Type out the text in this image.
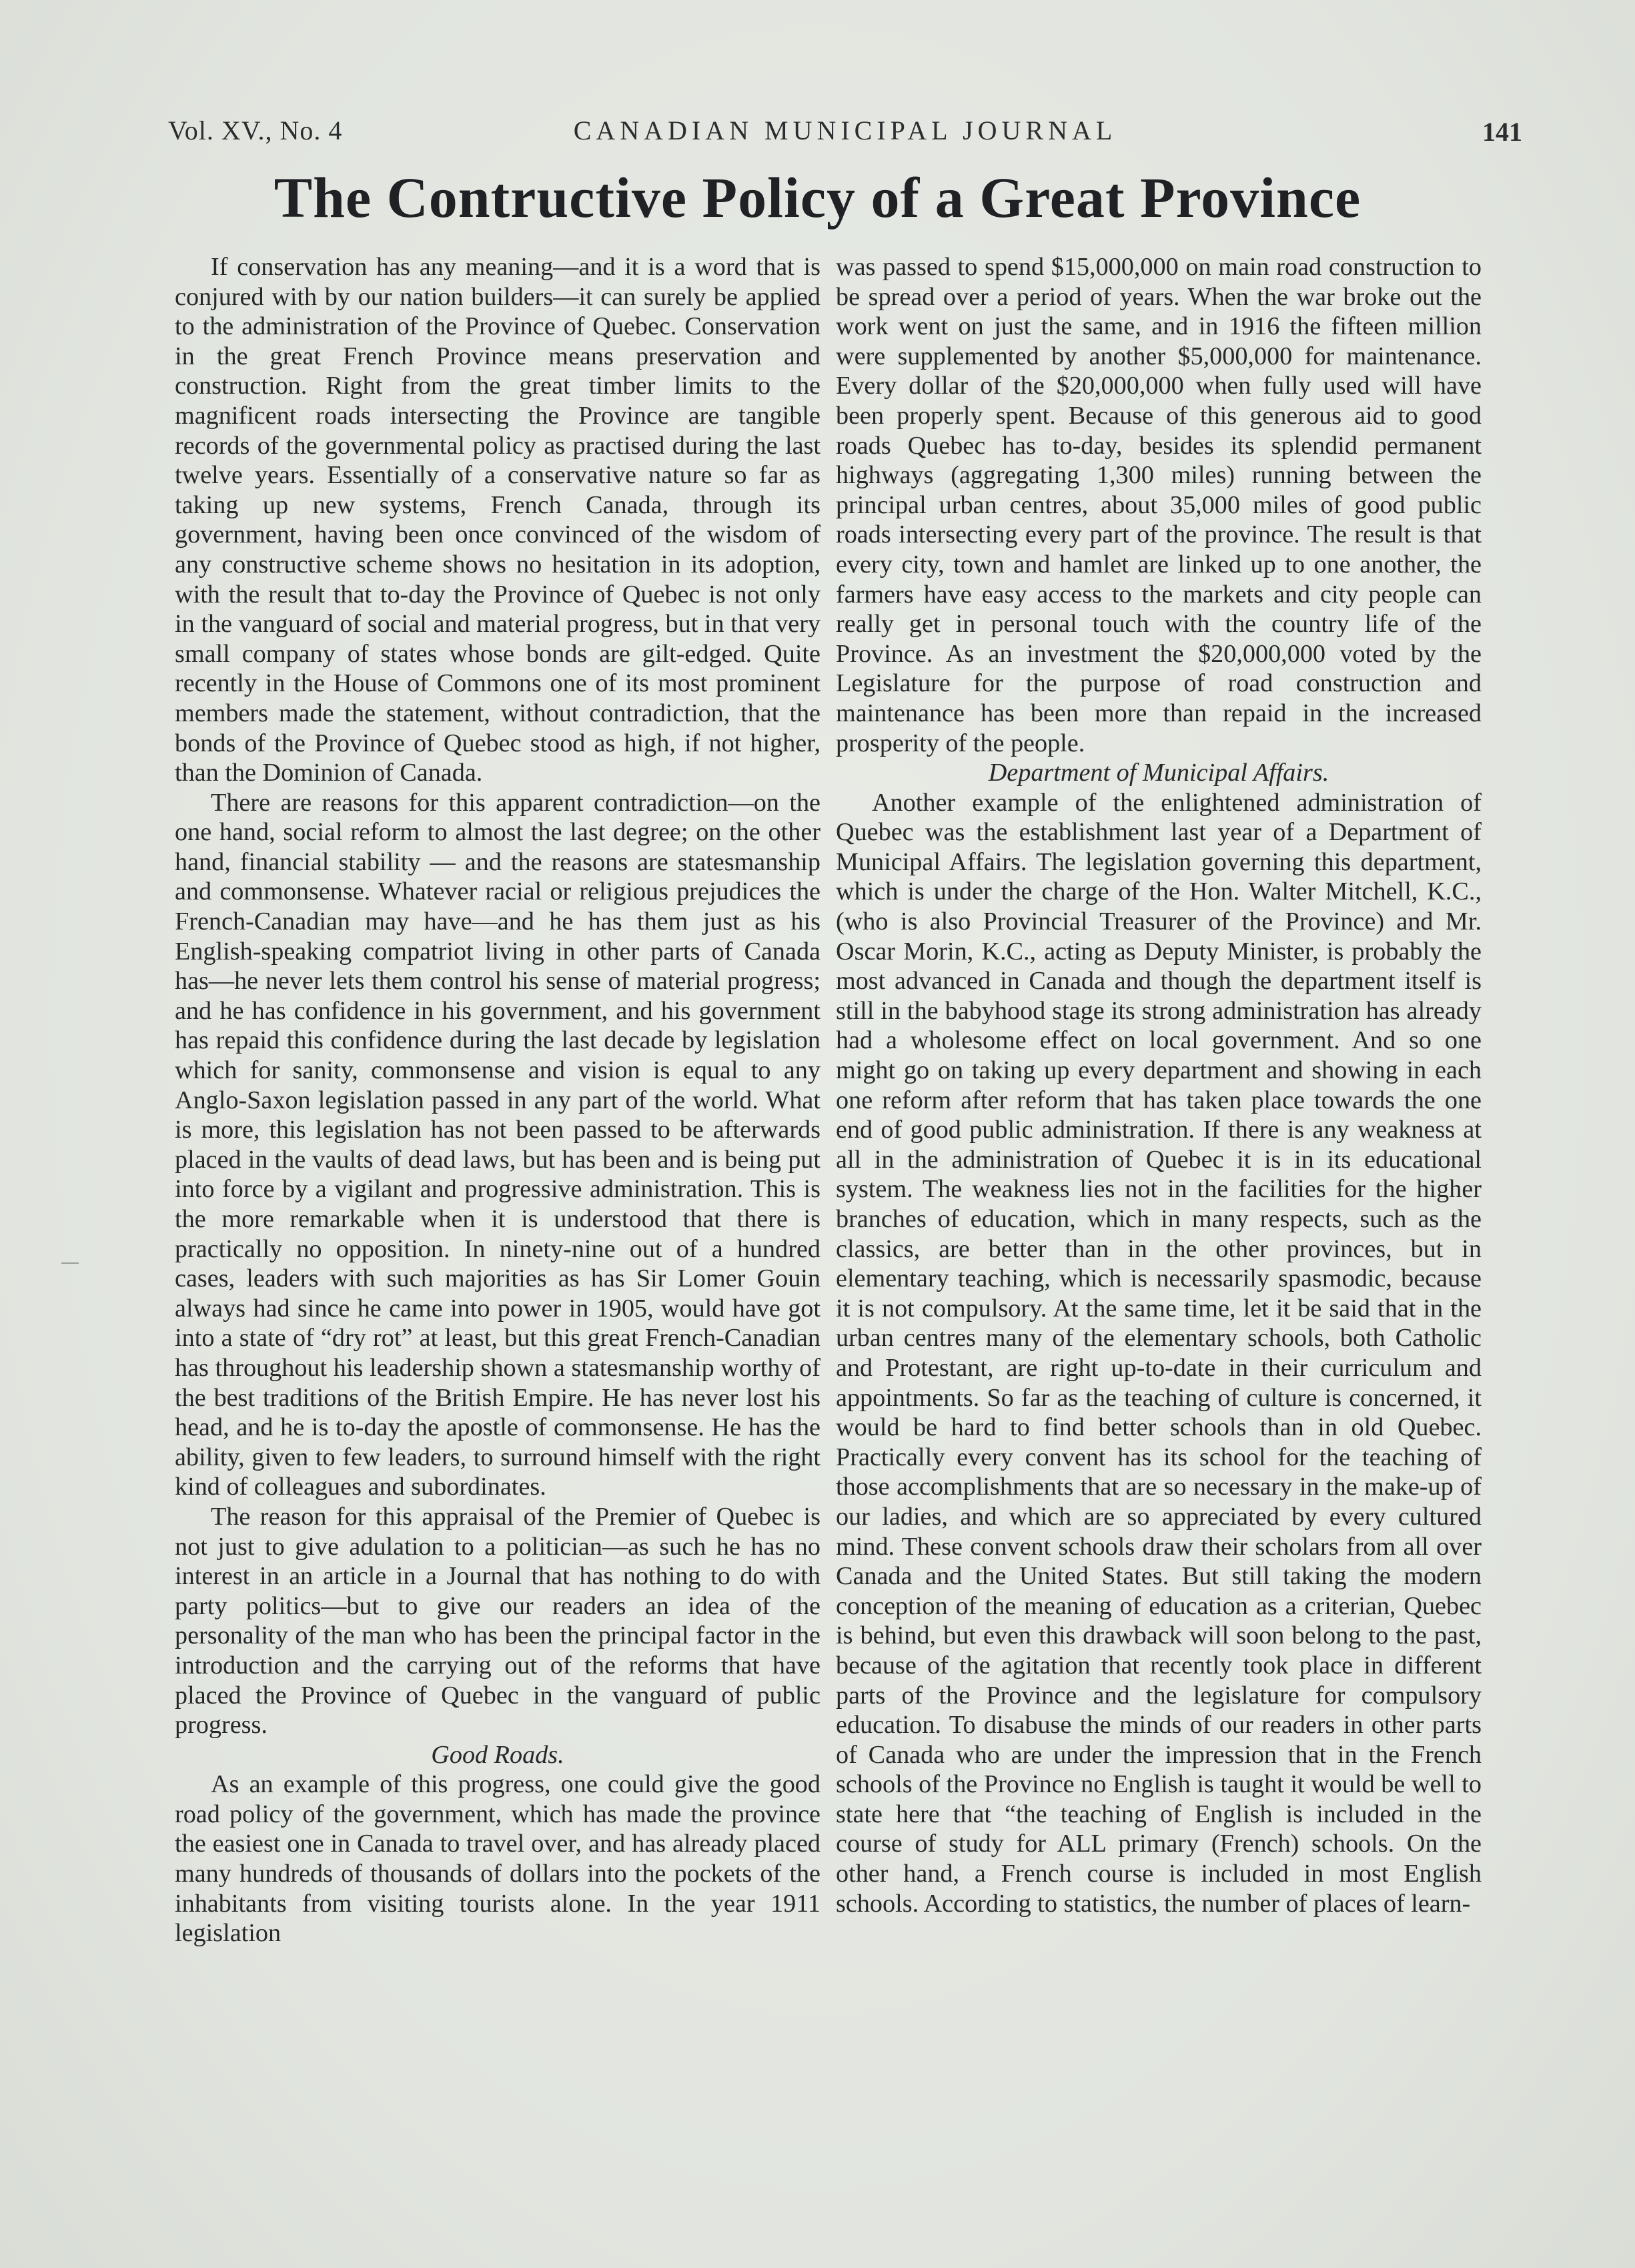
Vol. XV., No. 4	CANADIAN MUNICIPAL JOURNAL	141
The Contructive Policy of a Great Province

If conservation has any meaning—and it is a word that is conjured with by our nation builders—it can surely be applied to the administration of the Province of Quebec. Conservation in the great French Province means preservation and construction. Right from the great timber limits to the magnificent roads intersecting the Province are tangible records of the governmental policy as practised during the last twelve years. Essentially of a conservative nature so far as taking up new systems, French Canada, through its government, having been once convinced of the wisdom of any constructive scheme shows no hesitation in its adoption, with the result that to-day the Province of Quebec is not only in the vanguard of social and material progress, but in that very small company of states whose bonds are gilt-edged. Quite recently in the House of Commons one of its most prominent members made the statement, without contradiction, that the bonds of the Province of Quebec stood as high, if not higher, than the Dominion of Canada.

There are reasons for this apparent contradiction—on the one hand, social reform to almost the last degree; on the other hand, financial stability — and the reasons are statesmanship and commonsense. Whatever racial or religious prejudices the French-Canadian may have—and he has them just as his English-speaking compatriot living in other parts of Canada has—he never lets them control his sense of material progress; and he has confidence in his government, and his government has repaid this confidence during the last decade by legislation which for sanity, commonsense and vision is equal to any Anglo-Saxon legislation passed in any part of the world. What is more, this legislation has not been passed to be afterwards placed in the vaults of dead laws, but has been and is being put into force by a vigilant and progressive administration. This is the more remarkable when it is understood that there is practically no opposition. In ninety-nine out of a hundred cases, leaders with such majorities as has Sir Lomer Gouin always had since he came into power in 1905, would have got into a state of “dry rot” at least, but this great French-Canadian has throughout his leadership shown a statesmanship worthy of the best traditions of the British Empire. He has never lost his head, and he is to-day the apostle of commonsense. He has the ability, given to few leaders, to surround himself with the right kind of colleagues and subordinates.

The reason for this appraisal of the Premier of Quebec is not just to give adulation to a politician—as such he has no interest in an article in a Journal that has nothing to do with party politics—but to give our readers an idea of the personality of the man who has been the principal factor in the introduction and the carrying out of the reforms that have placed the Province of Quebec in the vanguard of public progress.

Good Roads.

As an example of this progress, one could give the good road policy of the government, which has made the province the easiest one in Canada to travel over, and has already placed many hundreds of thousands of dollars into the pockets of the inhabitants from visiting tourists alone. In the year 1911 legislation

was passed to spend $15,000,000 on main road construction to be spread over a period of years. When the war broke out the work went on just the same, and in 1916 the fifteen million were supplemented by another $5,000,000 for maintenance. Every dollar of the $20,000,000 when fully used will have been properly spent. Because of this generous aid to good roads Quebec has to-day, besides its splendid permanent highways (aggregating 1,300 miles) running between the principal urban centres, about 35,000 miles of good public roads intersecting every part of the province. The result is that every city, town and hamlet are linked up to one another, the farmers have easy access to the markets and city people can really get in personal touch with the country life of the Province. As an investment the $20,000,000 voted by the Legislature for the purpose of road construction and maintenance has been more than repaid in the increased prosperity of the people.

Department of Municipal Affairs.

Another example of the enlightened administration of Quebec was the establishment last year of a Department of Municipal Affairs. The legislation governing this department, which is under the charge of the Hon. Walter Mitchell, K.C., (who is also Provincial Treasurer of the Province) and Mr. Oscar Morin, K.C., acting as Deputy Minister, is probably the most advanced in Canada and though the department itself is still in the babyhood stage its strong administration has already had a wholesome effect on local government. And so one might go on taking up every department and showing in each one reform after reform that has taken place towards the one end of good public administration. If there is any weakness at all in the administration of Quebec it is in its educational system. The weakness lies not in the facilities for the higher branches of education, which in many respects, such as the classics, are better than in the other provinces, but in elementary teaching, which is necessarily spasmodic, because it is not compulsory. At the same time, let it be said that in the urban centres many of the elementary schools, both Catholic and Protestant, are right up-to-date in their curriculum and appointments. So far as the teaching of culture is concerned, it would be hard to find better schools than in old Quebec. Practically every convent has its school for the teaching of those accomplishments that are so necessary in the make-up of our ladies, and which are so appreciated by every cultured mind. These convent schools draw their scholars from all over Canada and the United States. But still taking the modern conception of the meaning of education as a criterian, Quebec is behind, but even this drawback will soon belong to the past, because of the agitation that recently took place in different parts of the Province and the legislature for compulsory education. To disabuse the minds of our readers in other parts of Canada who are under the impression that in the French schools of the Province no English is taught it would be well to state here that “the teaching of English is included in the course of study for ALL primary (French) schools. On the other hand, a French course is included in most English schools. According to statistics, the number of places of learn-
